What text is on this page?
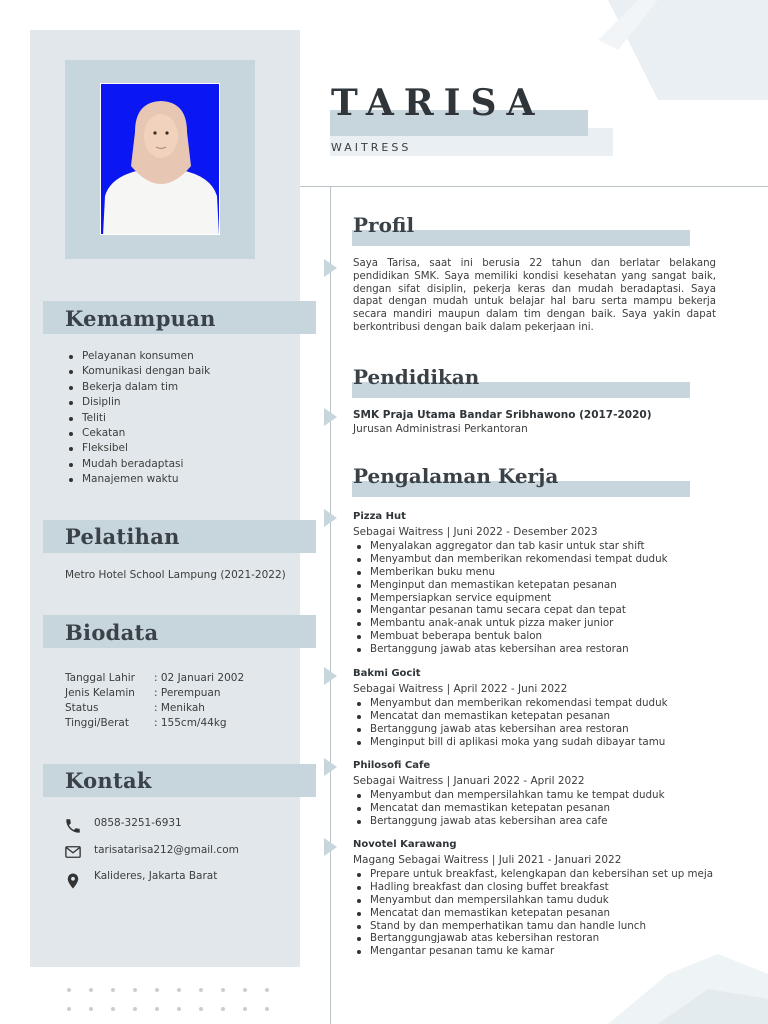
Kemampuan
Pelayanan konsumen
Komunikasi dengan baik
Bekerja dalam tim
Disiplin
Teliti
Cekatan
Fleksibel
Mudah beradaptasi
Manajemen waktu
Pelatihan
Metro Hotel School Lampung (2021-2022)
Biodata
Tanggal Lahir : 02 Januari 2002
Jenis Kelamin : Perempuan
Status	: Menikah
Tinggi/Berat : 155cm/44kg
Kontak
0858-3251-6931
tarisatarisa212@gmail.com
Kalideres, Jakarta Barat
TARISA
WAITRESS
Profil
Saya Tarisa, saat ini berusia 22 tahun dan berlatar belakang pendidikan SMK. Saya memiliki kondisi kesehatan yang sangat baik, dengan sifat disiplin, pekerja keras dan mudah beradaptasi. Saya dapat dengan mudah untuk belajar hal baru serta mampu bekerja secara mandiri maupun dalam tim dengan baik. Saya yakin dapat berkontribusi dengan baik dalam pekerjaan ini.
Pendidikan
SMK Praja Utama Bandar Sribhawono (2017-2020)
Jurusan Administrasi Perkantoran
Pengalaman Kerja
Pizza Hut
Sebagai Waitress | Juni 2022 - Desember 2023
Menyalakan aggregator dan tab kasir untuk star shift
Menyambut dan memberikan rekomendasi tempat duduk
Memberikan buku menu
Menginput dan memastikan ketepatan pesanan
Mempersiapkan service equipment
Mengantar pesanan tamu secara cepat dan tepat
Membantu anak-anak untuk pizza maker junior
Membuat beberapa bentuk balon
Bertanggung jawab atas kebersihan area restoran
Bakmi Gocit
Sebagai Waitress | April 2022 - Juni 2022
Menyambut dan memberikan rekomendasi tempat duduk
Mencatat dan memastikan ketepatan pesanan
Bertanggung jawab atas kebersihan area restoran
Menginput bill di aplikasi moka yang sudah dibayar tamu
Philosofi Cafe
Sebagai Waitress | Januari 2022 - April 2022
Menyambut dan mempersilahkan tamu ke tempat duduk
Mencatat dan memastikan ketepatan pesanan
Bertanggung jawab atas kebersihan area cafe
Novotel Karawang
Magang Sebagai Waitress | Juli 2021 - Januari 2022
Prepare untuk breakfast, kelengkapan dan kebersihan set up meja
Hadling breakfast dan closing buffet breakfast
Menyambut dan mempersilahkan tamu duduk
Mencatat dan memastikan ketepatan pesanan
Stand by dan memperhatikan tamu dan handle lunch
Bertanggungjawab atas kebersihan restoran
Mengantar pesanan tamu ke kamar
